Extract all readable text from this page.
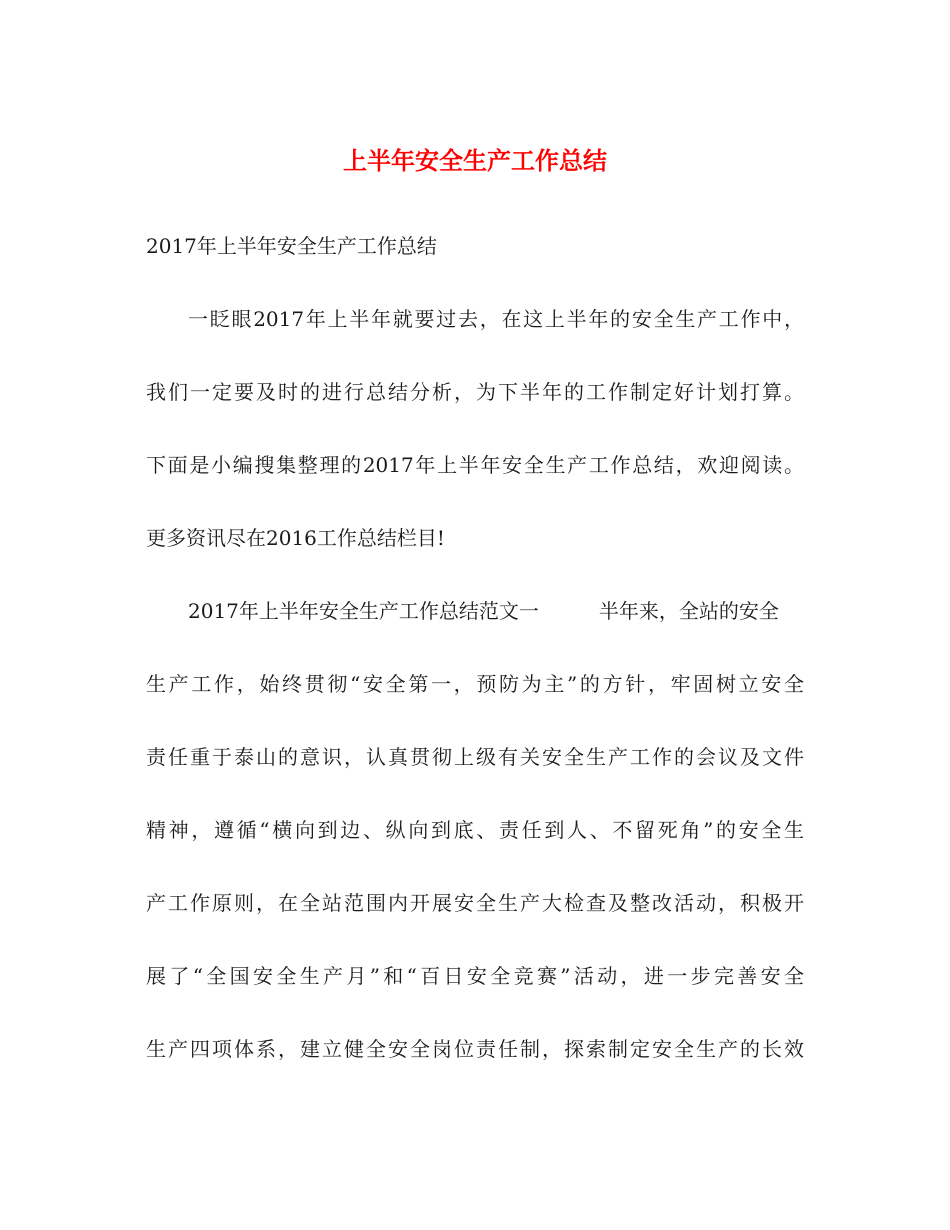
上半年安全生产工作总结
2017年上半年安全生产工作总结
一眨眼2017年上半年就要过去，在这上半年的安全生产工作中，
我们一定要及时的进行总结分析，为下半年的工作制定好计划打算。
下面是小编搜集整理的2017年上半年安全生产工作总结，欢迎阅读。
更多资讯尽在2016工作总结栏目!
2017年上半年安全生产工作总结范文一	半年来，全站的安全
生产工作，始终贯彻“安全第一，预防为主”的方针，牢固树立安全
责任重于泰山的意识，认真贯彻上级有关安全生产工作的会议及文件
精神，遵循“横向到边、纵向到底、责任到人、不留死角”的安全生
产工作原则，在全站范围内开展安全生产大检查及整改活动，积极开
展了“全国安全生产月”和“百日安全竞赛”活动，进一步完善安全
生产四项体系，建立健全安全岗位责任制，探索制定安全生产的长效
